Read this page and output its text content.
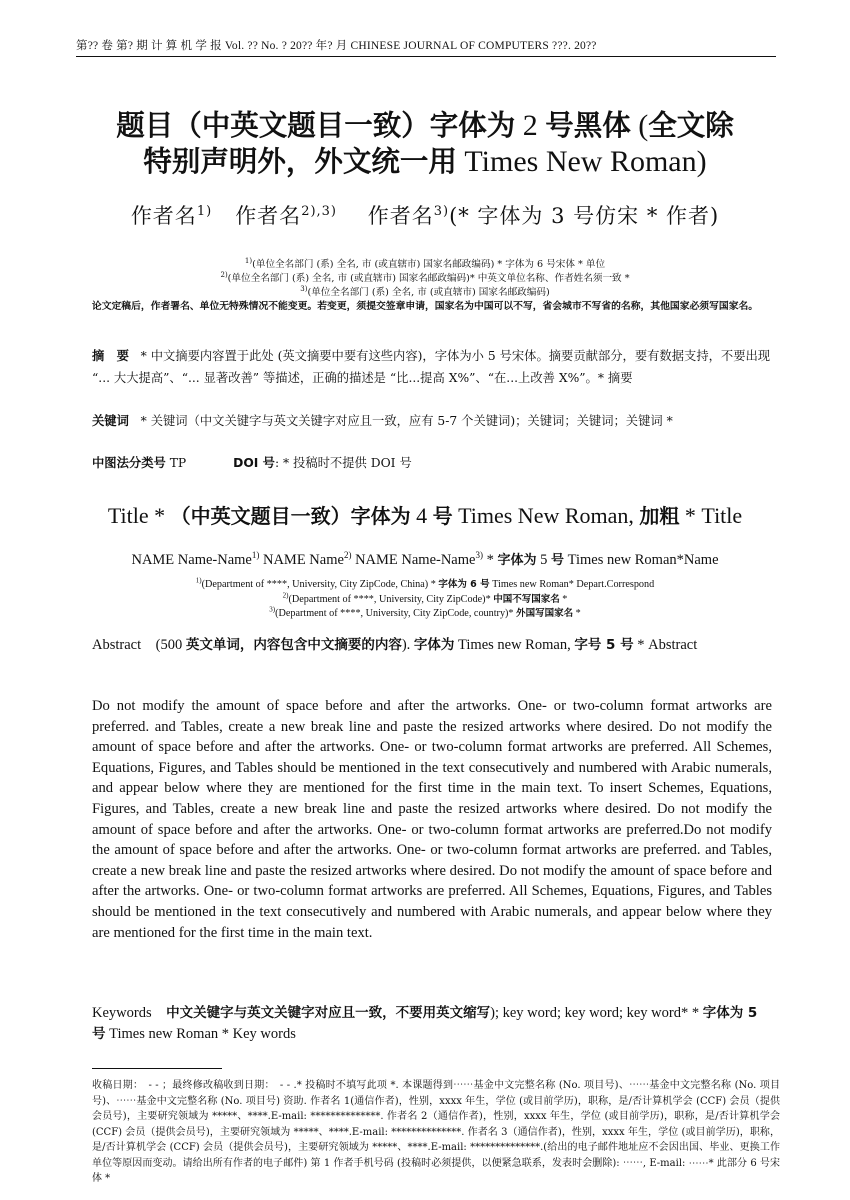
第?? 卷 第? 期 计 算 机 学 报 Vol. ?? No. ? 20?? 年? 月 CHINESE JOURNAL OF COMPUTERS ???. 20??
题目（中英文题目一致）字体为 2 号黑体 (全文除
特别声明外，外文统一用 Times New Roman)
作者名$^{1)}$ 作者名$^{2),3)}$ 作者名$^{3)}$(* 字体为 3 号仿宋 * 作者)
$^{1)}$(单位全名部门 (系) 全名, 市 (或直辖市) 国家名邮政编码) * 字体为 6 号宋体 * 单位
$^{2)}$(单位全名部门 (系) 全名, 市 (或直辖市) 国家名邮政编码)* 中英文单位名称、作者姓名须一致 *
$^{3)}$(单位全名部门 (系) 全名, 市 (或直辖市) 国家名邮政编码)
论文定稿后，作者署名、单位无特殊情况不能变更。若变更，须提交签章申请，国家名为中国可以不写，省会城市不写省的名称，其他国家必须写国家名。
摘　要 * 中文摘要内容置于此处 (英文摘要中要有这些内容)，字体为小 5 号宋体。摘要贡献部分，要有数据支持，不要出现 “... 大大提高”、“... 显著改善” 等描述，正确的描述是 “比...提高 X%”、“在...上改善 X%”。* 摘要
关键词 * 关键词（中文关键字与英文关键字对应且一致，应有 5-7 个关键词)；关键词；关键词；关键词 *
中图法分类号 TP	DOI 号: * 投稿时不提供 DOI 号
Title * （中英文题目一致）字体为 4 号 Times New Roman, 加粗 * Title
NAME Name-Name$^{1)}$ NAME Name$^{2)}$ NAME Name-Name$^{3)}$ * 字体为 5 号 Times new Roman*Name
$^{1)}$(Department of ****, University, City ZipCode, China) * 字体为 6 号 Times new Roman* Depart.Correspond
$^{2)}$(Department of ****, University, City ZipCode)* 中国不写国家名 *
$^{3)}$(Department of ****, University, City ZipCode, country)* 外国写国家名 *
Abstract　(500 英文单词，内容包含中文摘要的内容). 字体为 Times new Roman, 字号 5 号 * Abstract
Do not modify the amount of space before and after the artworks. One- or two-column format artworks are preferred. and Tables, create a new break line and paste the resized artworks where desired. Do not modify the amount of space before and after the artworks. One- or two-column format artworks are preferred. All Schemes, Equations, Figures, and Tables should be mentioned in the text consecutively and numbered with Arabic numerals, and appear below where they are mentioned for the first time in the main text. To insert Schemes, Equations, Figures, and Tables, create a new break line and paste the resized artworks where desired. Do not modify the amount of space before and after the artworks. One- or two-column format artworks are preferred.Do not modify the amount of space before and after the artworks. One- or two-column format artworks are preferred. and Tables, create a new break line and paste the resized artworks where desired. Do not modify the amount of space before and after the artworks. One- or two-column format artworks are preferred. All Schemes, Equations, Figures, and Tables should be mentioned in the text consecutively and numbered with Arabic numerals, and appear below where they are mentioned for the first time in the main text.
Keywords　中文关键字与英文关键字对应且一致，不要用英文缩写); key word; key word; key word* * 字体为 5 号 Times new Roman * Key words
收稿日期：　- - ；最终修改稿收到日期：　- - .* 投稿时不填写此项 *. 本课题得到⋯⋯基金中文完整名称 (No. 项目号)、⋯⋯基金中文完整名称 (No. 项目号)、⋯⋯基金中文完整名称 (No. 项目号) 资助. 作者名 1(通信作者)，性别，xxxx 年生，学位 (或目前学历)，职称，是/否计算机学会 (CCF) 会员（提供会员号)，主要研究领域为 *****、****.E-mail: **************. 作者名 2（通信作者)，性别，xxxx 年生，学位 (或目前学历)，职称，是/否计算机学会 (CCF) 会员（提供会员号)，主要研究领域为 *****、****.E-mail: **************. 作者名 3（通信作者)，性别，xxxx 年生，学位 (或目前学历)，职称，是/否计算机学会 (CCF) 会员（提供会员号)，主要研究领域为 *****、****.E-mail: **************.(给出的电子邮件地址应不会因出国、毕业、更换工作单位等原因而变动。请给出所有作者的电子邮件) 第 1 作者手机号码 (投稿时必须提供，以便紧急联系，发表时会删除): ⋯⋯, E-mail: ⋯⋯* 此部分 6 号宋体 *
